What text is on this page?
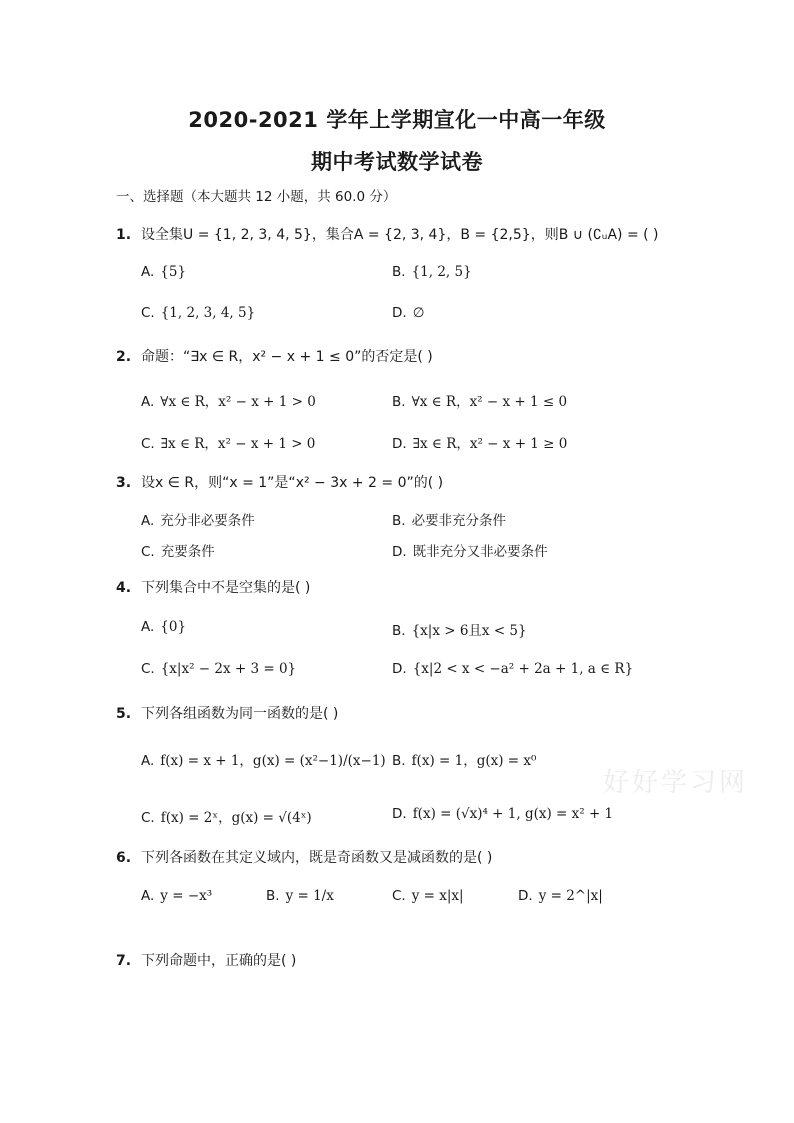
2020-2021 学年上学期宣化一中高一年级
期中考试数学试卷
一、选择题（本大题共 12 小题，共 60.0 分）
1. 设全集U = {1, 2, 3, 4, 5}，集合A = {2, 3, 4}，B = {2,5}，则B ∪ (∁ᵤA) = ( )
A. {5}	B. {1, 2, 5}
C. {1, 2, 3, 4, 5}	D. ∅
2. 命题：“∃x ∈ R，x² − x + 1 ≤ 0”的否定是( )
A. ∀x ∈ R，x² − x + 1 > 0	B. ∀x ∈ R，x² − x + 1 ≤ 0
C. ∃x ∈ R，x² − x + 1 > 0	D. ∃x ∈ R，x² − x + 1 ≥ 0
3. 设x ∈ R，则“x = 1”是“x² − 3x + 2 = 0”的( )
A. 充分非必要条件	B. 必要非充分条件
C. 充要条件	D. 既非充分又非必要条件
4. 下列集合中不是空集的是( )
A. {0}	B. {x|x > 6且x < 5}
C. {x|x² − 2x + 3 = 0}	D. {x|2 < x < −a² + 2a + 1, a ∈ R}
5. 下列各组函数为同一函数的是( )
A. f(x) = x + 1，g(x) = (x²−1)/(x−1) B. f(x) = 1，g(x) = x⁰
C. f(x) = 2ˣ，g(x) = √(4ˣ)	D. f(x) = (√x)⁴ + 1, g(x) = x² + 1
6. 下列各函数在其定义域内，既是奇函数又是减函数的是( )
A. y = −x³	B. y = 1/x	C. y = x|x|	D. y = 2^|x|
7. 下列命题中，正确的是( )
好好学习网
